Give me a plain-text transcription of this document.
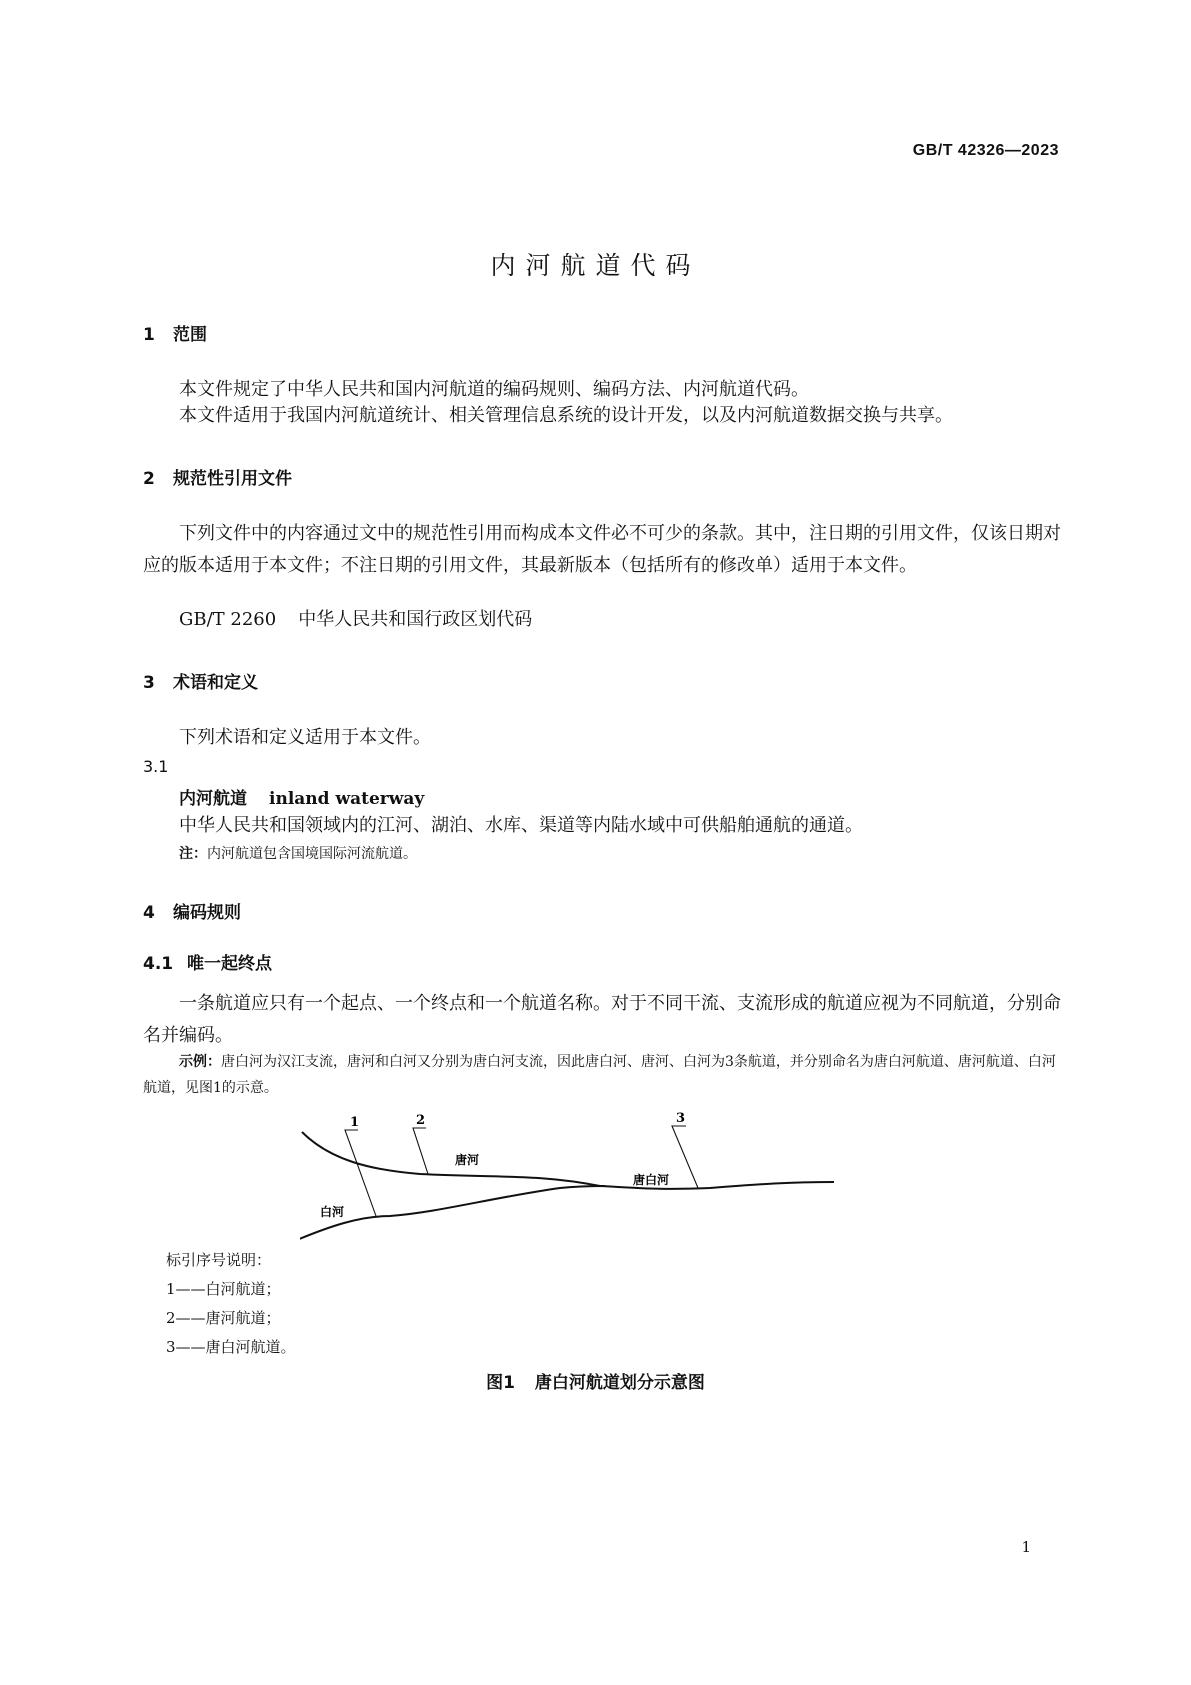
GB/T 42326—2023
内河航道代码
1 范围
本文件规定了中华人民共和国内河航道的编码规则、编码方法、内河航道代码。
本文件适用于我国内河航道统计、相关管理信息系统的设计开发，以及内河航道数据交换与共享。
2 规范性引用文件
下列文件中的内容通过文中的规范性引用而构成本文件必不可少的条款。其中，注日期的引用文件，仅该日期对应的版本适用于本文件；不注日期的引用文件，其最新版本（包括所有的修改单）适用于本文件。
GB/T 2260 中华人民共和国行政区划代码
3 术语和定义
下列术语和定义适用于本文件。
3.1
内河航道 inland waterway
中华人民共和国领域内的江河、湖泊、水库、渠道等内陆水域中可供船舶通航的通道。
注：内河航道包含国境国际河流航道。
4 编码规则
4.1 唯一起终点
一条航道应只有一个起点、一个终点和一个航道名称。对于不同干流、支流形成的航道应视为不同航道，分别命名并编码。
示例：唐白河为汉江支流，唐河和白河又分别为唐白河支流，因此唐白河、唐河、白河为3条航道，并分别命名为唐白河航道、唐河航道、白河航道，见图1的示意。
1	2	3
唐河
白河
唐白河
标引序号说明：
1——白河航道；
2——唐河航道；
3——唐白河航道。
图1 唐白河航道划分示意图
1
